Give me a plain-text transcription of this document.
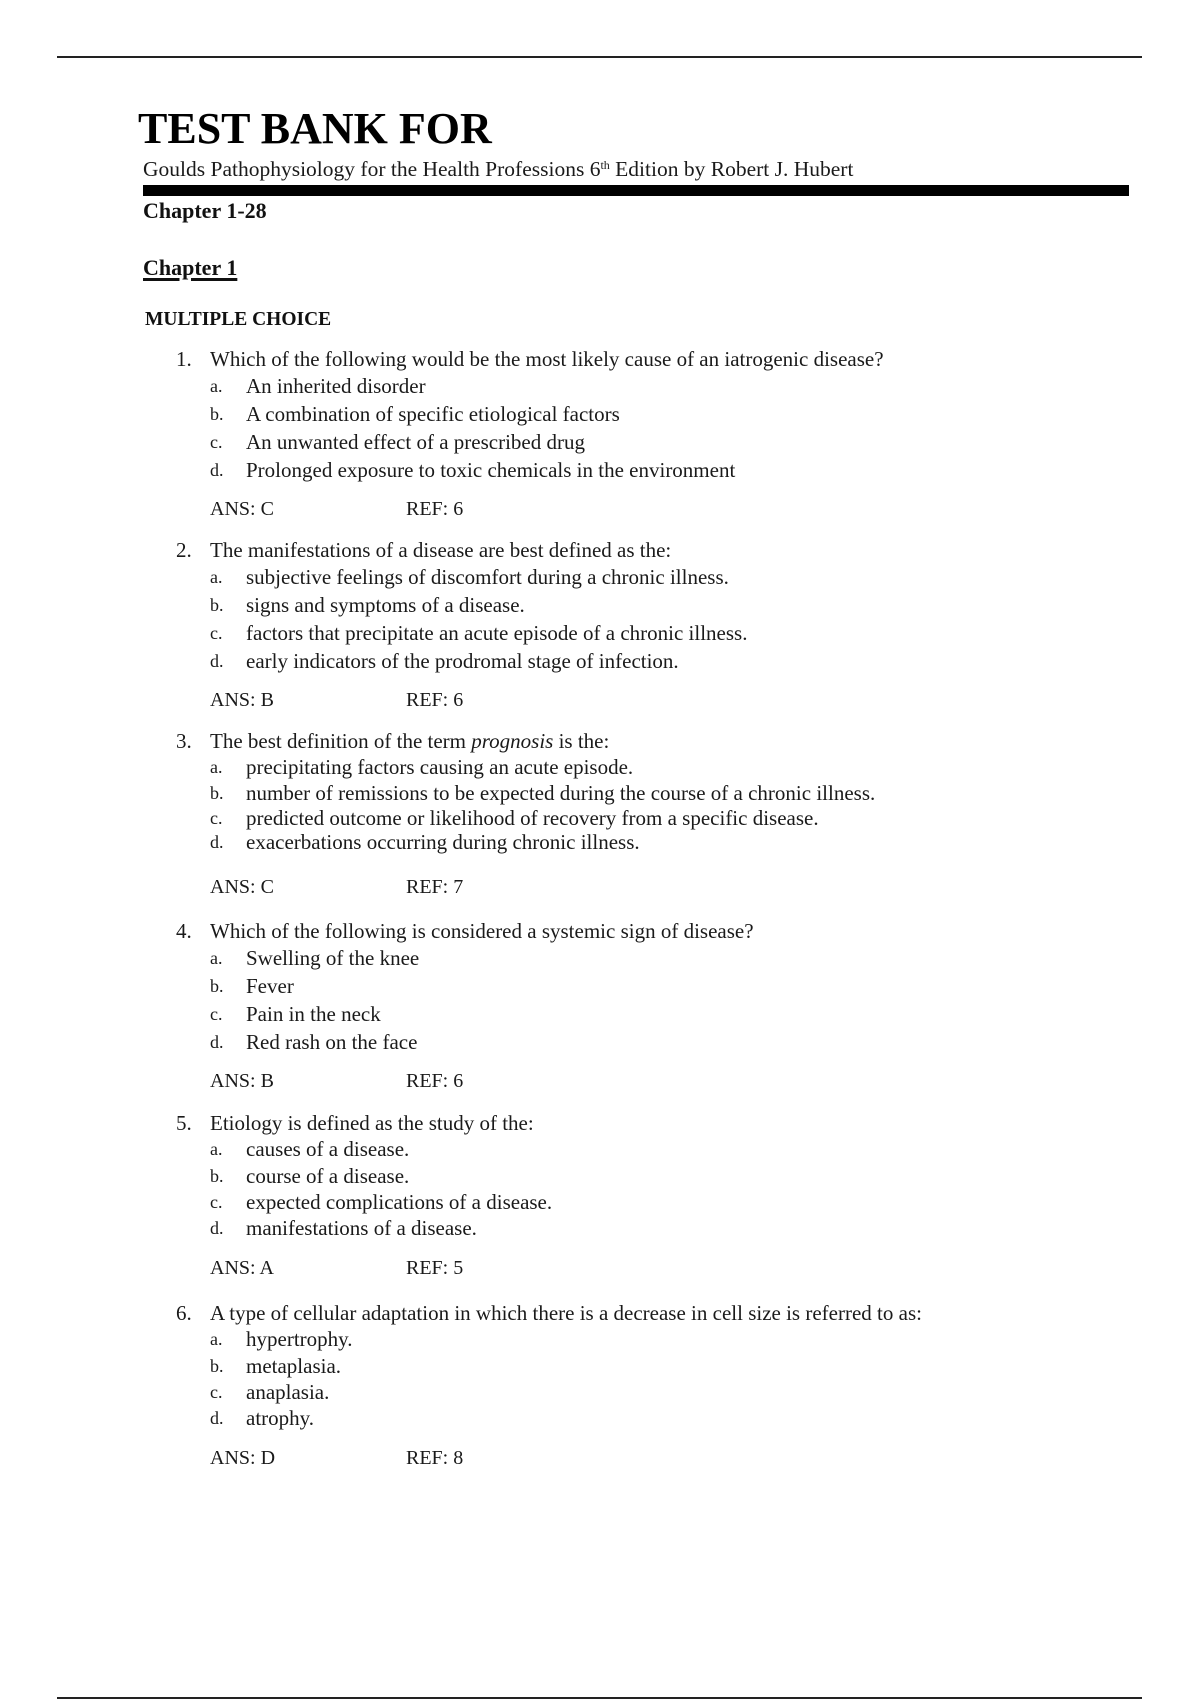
TEST BANK FOR
Goulds Pathophysiology for the Health Professions 6th Edition by Robert J. Hubert
Chapter 1-28
Chapter 1
MULTIPLE CHOICE
1. Which of the following would be the most likely cause of an iatrogenic disease?
a. An inherited disorder
b. A combination of specific etiological factors
c. An unwanted effect of a prescribed drug
d. Prolonged exposure to toxic chemicals in the environment
ANS: C	REF: 6
2. The manifestations of a disease are best defined as the:
a. subjective feelings of discomfort during a chronic illness.
b. signs and symptoms of a disease.
c. factors that precipitate an acute episode of a chronic illness.
d. early indicators of the prodromal stage of infection.
ANS: B	REF: 6
3. The best definition of the term prognosis is the:
a. precipitating factors causing an acute episode.
b. number of remissions to be expected during the course of a chronic illness.
c. predicted outcome or likelihood of recovery from a specific disease.
d. exacerbations occurring during chronic illness.
ANS: C	REF: 7
4. Which of the following is considered a systemic sign of disease?
a. Swelling of the knee
b. Fever
c. Pain in the neck
d. Red rash on the face
ANS: B	REF: 6
5. Etiology is defined as the study of the:
a. causes of a disease.
b. course of a disease.
c. expected complications of a disease.
d. manifestations of a disease.
ANS: A	REF: 5
6. A type of cellular adaptation in which there is a decrease in cell size is referred to as:
a. hypertrophy.
b. metaplasia.
c. anaplasia.
d. atrophy.
ANS: D	REF: 8
